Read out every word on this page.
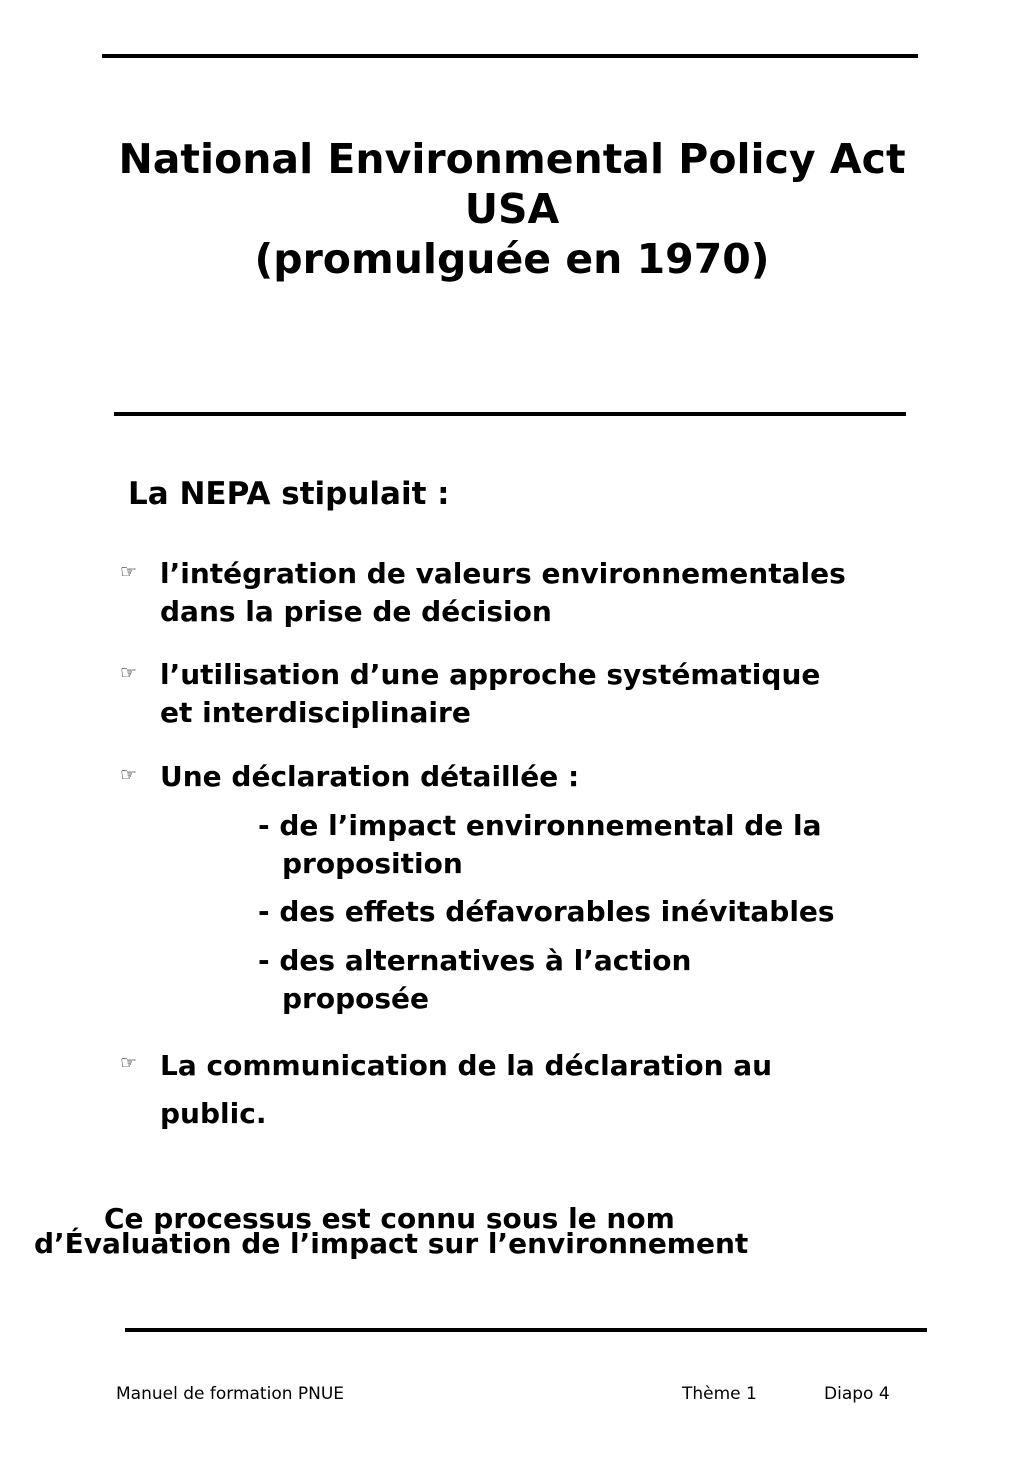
National Environmental Policy Act
USA
(promulguée en 1970)
La NEPA stipulait :
☞ l’intégration de valeurs environnementales
dans la prise de décision
☞ l’utilisation d’une approche systématique
et interdisciplinaire
☞ Une déclaration détaillée :
- de l’impact environnemental de la
proposition
- des effets défavorables inévitables
- des alternatives à l’action
proposée
☞ La communication de la déclaration au
public.
Ce processus est connu sous le nom
d’Évaluation de l’impact sur l’environnement
Manuel de formation PNUE	Thème 1	Diapo 4
